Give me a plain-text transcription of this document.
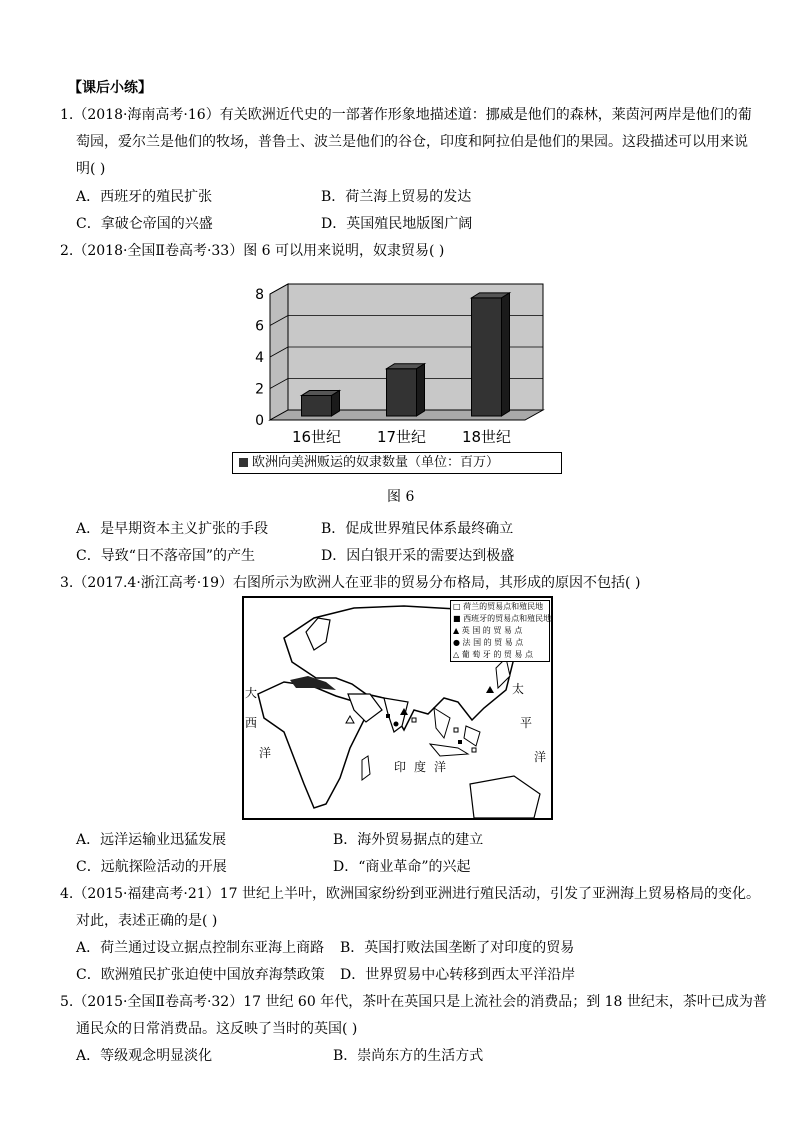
【课后小练】
1.（2018·海南高考·16）有关欧洲近代史的一部著作形象地描述道：挪威是他们的森林，莱茵河两岸是他们的葡
萄园，爱尔兰是他们的牧场，普鲁士、波兰是他们的谷仓，印度和阿拉伯是他们的果园。这段描述可以用来说
明( )
A．西班牙的殖民扩张	B．荷兰海上贸易的发达
C．拿破仑帝国的兴盛	D．英国殖民地版图广阔
2.（2018·全国Ⅱ卷高考·33）图 6 可以用来说明，奴隶贸易( )
0
2
4
6
8
16世纪 17世纪 18世纪
欧洲向美洲贩运的奴隶数量（单位：百万）
图 6
A．是早期资本主义扩张的手段	B．促成世界殖民体系最终确立
C．导致“日不落帝国”的产生	D．因白银开采的需要达到极盛
3.（2017.4·浙江高考·19）右图所示为欧洲人在亚非的贸易分布格局，其形成的原因不包括( )
□ 荷兰的贸易点和殖民地
■ 西班牙的贸易点和殖民地
▲ 英 国 的 贸 易 点
● 法 国 的 贸 易 点
△ 葡 萄 牙 的 贸 易 点
大
西
洋
太
平
洋
印度洋
A．远洋运输业迅猛发展	B．海外贸易据点的建立
C．远航探险活动的开展	D．“商业革命”的兴起
4.（2015·福建高考·21）17 世纪上半叶，欧洲国家纷纷到亚洲进行殖民活动，引发了亚洲海上贸易格局的变化。
对此，表述正确的是( )
A．荷兰通过设立据点控制东亚海上商路 B．英国打败法国垄断了对印度的贸易
C．欧洲殖民扩张迫使中国放弃海禁政策 D．世界贸易中心转移到西太平洋沿岸
5.（2015·全国Ⅱ卷高考·32）17 世纪 60 年代，茶叶在英国只是上流社会的消费品；到 18 世纪末，茶叶已成为普
通民众的日常消费品。这反映了当时的英国( )
A．等级观念明显淡化	B．崇尚东方的生活方式
